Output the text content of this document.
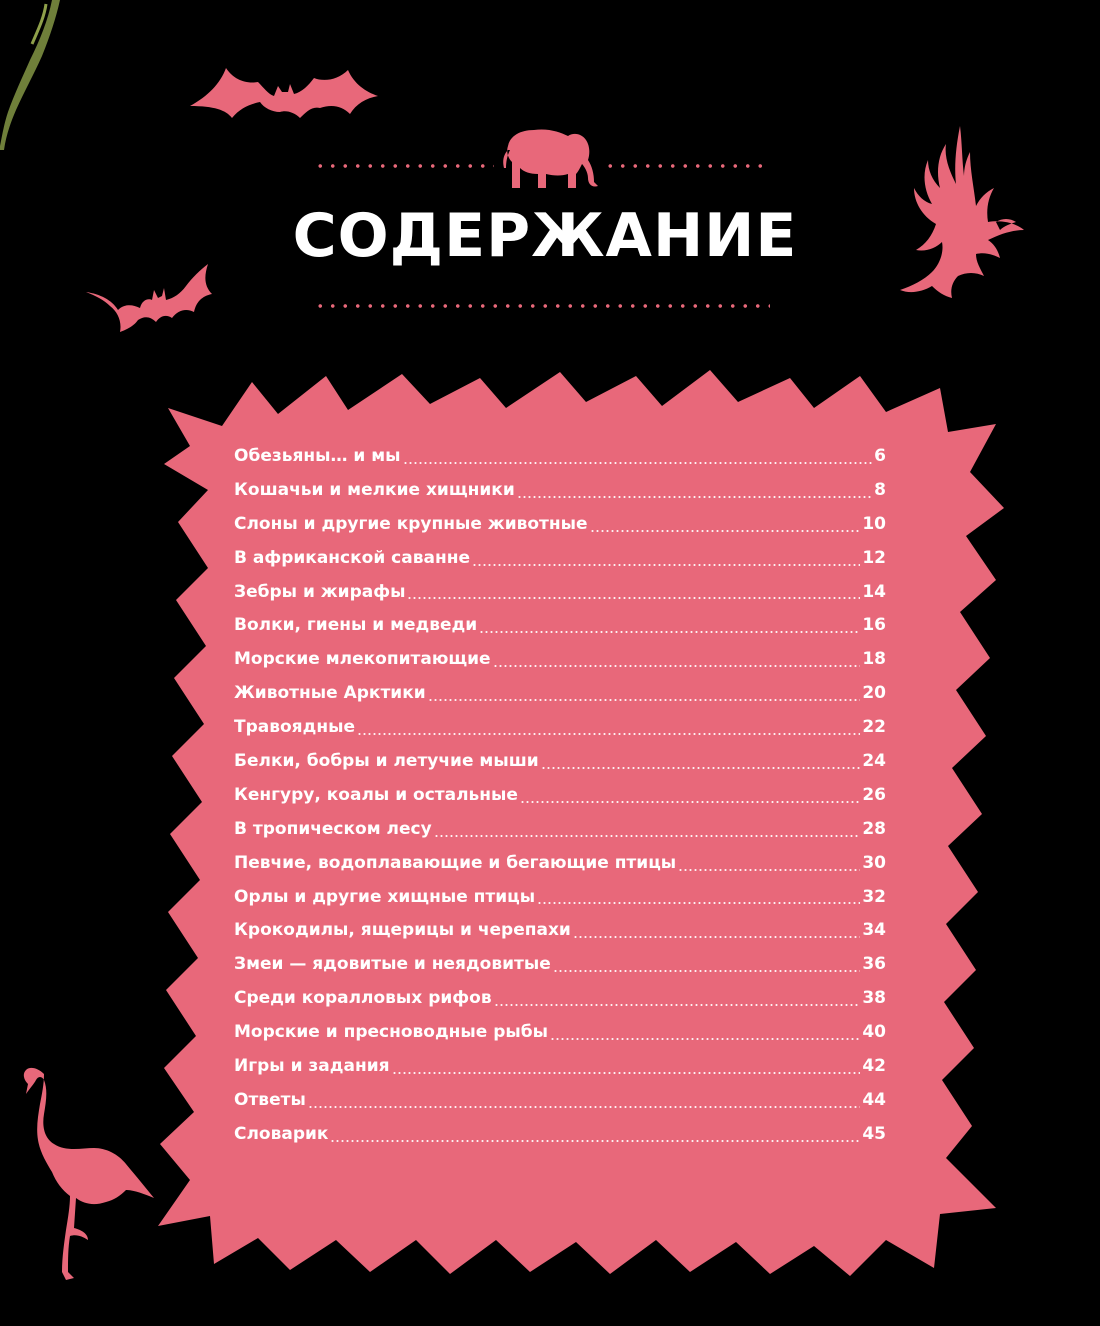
СОДЕРЖАНИЕ
Обезьяны… и мы	6
Кошачьи и мелкие хищники	8
Слоны и другие крупные животные	10
В африканской саванне	12
Зебры и жирафы	14
Волки, гиены и медведи	16
Морские млекопитающие	18
Животные Арктики	20
Травоядные	22
Белки, бобры и летучие мыши	24
Кенгуру, коалы и остальные	26
В тропическом лесу	28
Певчие, водоплавающие и бегающие птицы	30
Орлы и другие хищные птицы	32
Крокодилы, ящерицы и черепахи	34
Змеи — ядовитые и неядовитые	36
Среди коралловых рифов	38
Морские и пресноводные рыбы	40
Игры и задания	42
Ответы	44
Словарик	45
